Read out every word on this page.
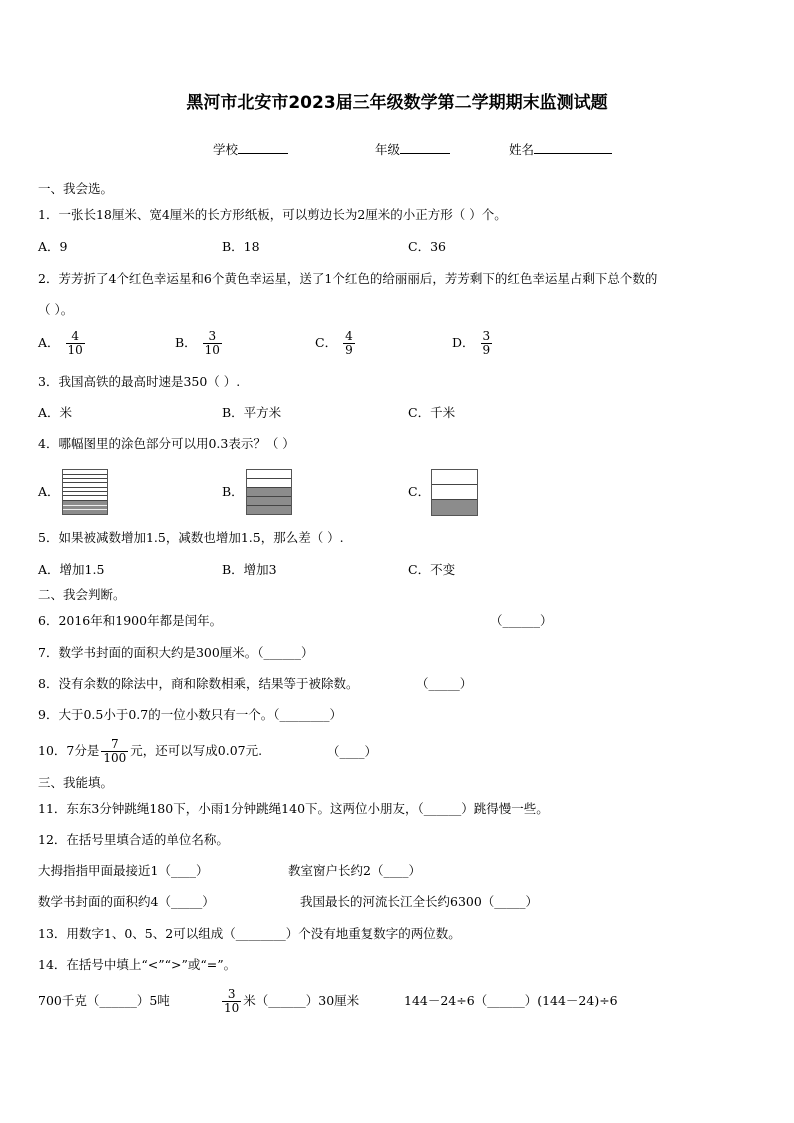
黑河市北安市2023届三年级数学第二学期期末监测试题
学校	年级	姓名
一、我会选。
1．一张长18厘米、宽4厘米的长方形纸板，可以剪边长为2厘米的小正方形（ ）个。
A．9	B．18	C．36
2．芳芳折了4个红色幸运星和6个黄色幸运星，送了1个红色的给丽丽后，芳芳剩下的红色幸运星占剩下总个数的
（ ）。
A． $\frac{4}{10}$	B． $\frac{3}{10}$	C． $\frac{4}{9}$	D． $\frac{3}{9}$
3．我国高铁的最高时速是350（ ）.
A．米	B．平方米	C．千米
4．哪幅图里的涂色部分可以用0.3表示？（ ）
A．	B．	C．
5．如果被减数增加1.5，减数也增加1.5，那么差（ ）.
A．增加1.5	B．增加3	C．不变
二、我会判断。
6．2016年和1900年都是闰年。	（______）
7．数学书封面的面积大约是300厘米。（______）
8．没有余数的除法中，商和除数相乘，结果等于被除数。	（_____）
9．大于0.5小于0.7的一位小数只有一个。（________）
10．7分是 $\frac{7}{100}$ 元，还可以写成0.07元.	（____）
三、我能填。
11．东东3分钟跳绳180下，小雨1分钟跳绳140下。这两位小朋友，（______）跳得慢一些。
12．在括号里填合适的单位名称。
大拇指指甲面最接近1（____）	教室窗户长约2（____）
数学书封面的面积约4（_____）	我国最长的河流长江全长约6300（_____）
13．用数字1、0、5、2可以组成（________）个没有地重复数字的两位数。
14．在括号中填上“<”“>”或“=”。
700千克（______）5吨	$\frac{3}{10}$ 米（______）30厘米	144－24÷6（______）(144－24)÷6
